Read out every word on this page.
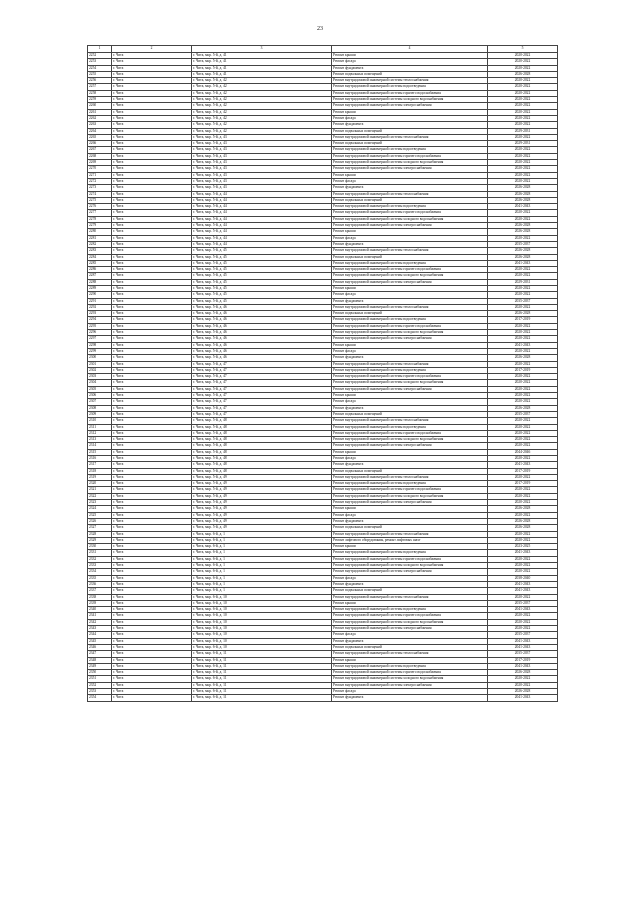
23
1	2	3	4	5
2252	г. Чита	г. Чита, мкр. 5-й, д. 41	Ремонт крыши	2020-2022
2253	г. Чита	г. Чита, мкр. 5-й, д. 41	Ремонт фасада	2020-2022
2254	г. Чита	г. Чита, мкр. 5-й, д. 41	Ремонт фундамента	2020-2022
2255	г. Чита	г. Чита, мкр. 5-й, д. 41	Ремонт подвальных помещений	2026-2028
2256	г. Чита	г. Чита, мкр. 5-й, д. 42	Ремонт внутридомовой инженерной системы теплоснабжения	2020-2022
2257	г. Чита	г. Чита, мкр. 5-й, д. 42	Ремонт внутридомовой инженерной системы водоотведения	2020-2022
2258	г. Чита	г. Чита, мкр. 5-й, д. 42	Ремонт внутридомовой инженерной системы горячего водоснабжения	2020-2022
2259	г. Чита	г. Чита, мкр. 5-й, д. 42	Ремонт внутридомовой инженерной системы холодного водоснабжения	2020-2022
2260	г. Чита	г. Чита, мкр. 5-й, д. 42	Ремонт внутридомовой инженерной системы электроснабжения	2020-2022
2261	г. Чита	г. Чита, мкр. 5-й, д. 42	Ремонт крыши	2020-2022
2262	г. Чита	г. Чита, мкр. 5-й, д. 42	Ремонт фасада	2020-2022
2263	г. Чита	г. Чита, мкр. 5-й, д. 42	Ремонт фундамента	2020-2022
2264	г. Чита	г. Чита, мкр. 5-й, д. 42	Ремонт подвальных помещений	2029-2031
2265	г. Чита	г. Чита, мкр. 5-й, д. 43	Ремонт внутридомовой инженерной системы теплоснабжения	2020-2022
2266	г. Чита	г. Чита, мкр. 5-й, д. 43	Ремонт подвальных помещений	2029-2031
2267	г. Чита	г. Чита, мкр. 5-й, д. 43	Ремонт внутридомовой инженерной системы водоотведения	2020-2022
2268	г. Чита	г. Чита, мкр. 5-й, д. 43	Ремонт внутридомовой инженерной системы горячего водоснабжения	2020-2022
2269	г. Чита	г. Чита, мкр. 5-й, д. 43	Ремонт внутридомовой инженерной системы холодного водоснабжения	2020-2022
2270	г. Чита	г. Чита, мкр. 5-й, д. 43	Ремонт внутридомовой инженерной системы электроснабжения	2020-2022
2271	г. Чита	г. Чита, мкр. 5-й, д. 43	Ремонт крыши	2020-2022
2272	г. Чита	г. Чита, мкр. 5-й, д. 43	Ремонт фасада	2020-2022
2273	г. Чита	г. Чита, мкр. 5-й, д. 43	Ремонт фундамента	2026-2028
2274	г. Чита	г. Чита, мкр. 5-й, д. 44	Ремонт внутридомовой инженерной системы теплоснабжения	2026-2028
2275	г. Чита	г. Чита, мкр. 5-й, д. 44	Ремонт подвальных помещений	2026-2028
2276	г. Чита	г. Чита, мкр. 5-й, д. 44	Ремонт внутридомовой инженерной системы водоотведения	2041-2043
2277	г. Чита	г. Чита, мкр. 5-й, д. 44	Ремонт внутридомовой инженерной системы горячего водоснабжения	2020-2022
2278	г. Чита	г. Чита, мкр. 5-й, д. 44	Ремонт внутридомовой инженерной системы холодного водоснабжения	2020-2022
2279	г. Чита	г. Чита, мкр. 5-й, д. 44	Ремонт внутридомовой инженерной системы электроснабжения	2026-2028
2280	г. Чита	г. Чита, мкр. 5-й, д. 44	Ремонт крыши	2026-2028
2281	г. Чита	г. Чита, мкр. 5-й, д. 44	Ремонт фасада	2020-2022
2282	г. Чита	г. Чита, мкр. 5-й, д. 44	Ремонт фундамента	2035-2037
2283	г. Чита	г. Чита, мкр. 5-й, д. 45	Ремонт внутридомовой инженерной системы теплоснабжения	2026-2028
2284	г. Чита	г. Чита, мкр. 5-й, д. 45	Ремонт подвальных помещений	2026-2028
2285	г. Чита	г. Чита, мкр. 5-й, д. 45	Ремонт внутридомовой инженерной системы водоотведения	2041-2043
2286	г. Чита	г. Чита, мкр. 5-й, д. 45	Ремонт внутридомовой инженерной системы горячего водоснабжения	2020-2022
2287	г. Чита	г. Чита, мкр. 5-й, д. 45	Ремонт внутридомовой инженерной системы холодного водоснабжения	2020-2022
2288	г. Чита	г. Чита, мкр. 5-й, д. 45	Ремонт внутридомовой инженерной системы электроснабжения	2029-2031
2289	г. Чита	г. Чита, мкр. 5-й, д. 45	Ремонт крыши	2020-2022
2290	г. Чита	г. Чита, мкр. 5-й, д. 45	Ремонт фасада	2020-2022
2291	г. Чита	г. Чита, мкр. 5-й, д. 45	Ремонт фундамента	2035-2037
2292	г. Чита	г. Чита, мкр. 5-й, д. 46	Ремонт внутридомовой инженерной системы теплоснабжения	2020-2022
2293	г. Чита	г. Чита, мкр. 5-й, д. 46	Ремонт подвальных помещений	2026-2028
2294	г. Чита	г. Чита, мкр. 5-й, д. 46	Ремонт внутридомовой инженерной системы водоотведения	2017-2019
2295	г. Чита	г. Чита, мкр. 5-й, д. 46	Ремонт внутридомовой инженерной системы горячего водоснабжения	2020-2022
2296	г. Чита	г. Чита, мкр. 5-й, д. 46	Ремонт внутридомовой инженерной системы холодного водоснабжения	2020-2022
2297	г. Чита	г. Чита, мкр. 5-й, д. 46	Ремонт внутридомовой инженерной системы электроснабжения	2020-2022
2298	г. Чита	г. Чита, мкр. 5-й, д. 46	Ремонт крыши	2041-2043
2299	г. Чита	г. Чита, мкр. 5-й, д. 46	Ремонт фасада	2020-2022
2300	г. Чита	г. Чита, мкр. 5-й, д. 46	Ремонт фундамента	2026-2028
2301	г. Чита	г. Чита, мкр. 5-й, д. 47	Ремонт внутридомовой инженерной системы теплоснабжения	2020-2022
2302	г. Чита	г. Чита, мкр. 5-й, д. 47	Ремонт внутридомовой инженерной системы водоотведения	2017-2019
2303	г. Чита	г. Чита, мкр. 5-й, д. 47	Ремонт внутридомовой инженерной системы горячего водоснабжения	2020-2022
2304	г. Чита	г. Чита, мкр. 5-й, д. 47	Ремонт внутридомовой инженерной системы холодного водоснабжения	2020-2022
2305	г. Чита	г. Чита, мкр. 5-й, д. 47	Ремонт внутридомовой инженерной системы электроснабжения	2020-2022
2306	г. Чита	г. Чита, мкр. 5-й, д. 47	Ремонт крыши	2020-2022
2307	г. Чита	г. Чита, мкр. 5-й, д. 47	Ремонт фасада	2020-2022
2308	г. Чита	г. Чита, мкр. 5-й, д. 47	Ремонт фундамента	2026-2028
2309	г. Чита	г. Чита, мкр. 5-й, д. 47	Ремонт подвальных помещений	2035-2037
2310	г. Чита	г. Чита, мкр. 5-й, д. 48	Ремонт внутридомовой инженерной системы теплоснабжения	2020-2022
2311	г. Чита	г. Чита, мкр. 5-й, д. 48	Ремонт внутридомовой инженерной системы водоотведения	2020-2022
2312	г. Чита	г. Чита, мкр. 5-й, д. 48	Ремонт внутридомовой инженерной системы горячего водоснабжения	2020-2022
2313	г. Чита	г. Чита, мкр. 5-й, д. 48	Ремонт внутридомовой инженерной системы холодного водоснабжения	2020-2022
2314	г. Чита	г. Чита, мкр. 5-й, д. 48	Ремонт внутридомовой инженерной системы электроснабжения	2020-2022
2315	г. Чита	г. Чита, мкр. 5-й, д. 48	Ремонт крыши	2044-2046
2316	г. Чита	г. Чита, мкр. 5-й, д. 48	Ремонт фасада	2020-2022
2317	г. Чита	г. Чита, мкр. 5-й, д. 48	Ремонт фундамента	2041-2043
2318	г. Чита	г. Чита, мкр. 5-й, д. 48	Ремонт подвальных помещений	2017-2019
2319	г. Чита	г. Чита, мкр. 5-й, д. 49	Ремонт внутридомовой инженерной системы теплоснабжения	2020-2022
2320	г. Чита	г. Чита, мкр. 5-й, д. 49	Ремонт внутридомовой инженерной системы водоотведения	2017-2019
2321	г. Чита	г. Чита, мкр. 5-й, д. 49	Ремонт внутридомовой инженерной системы горячего водоснабжения	2020-2022
2322	г. Чита	г. Чита, мкр. 5-й, д. 49	Ремонт внутридомовой инженерной системы холодного водоснабжения	2020-2022
2323	г. Чита	г. Чита, мкр. 5-й, д. 49	Ремонт внутридомовой инженерной системы электроснабжения	2020-2022
2324	г. Чита	г. Чита, мкр. 5-й, д. 49	Ремонт крыши	2026-2028
2325	г. Чита	г. Чита, мкр. 5-й, д. 49	Ремонт фасада	2020-2022
2326	г. Чита	г. Чита, мкр. 5-й, д. 49	Ремонт фундамента	2026-2028
2327	г. Чита	г. Чита, мкр. 5-й, д. 49	Ремонт подвальных помещений	2026-2028
2328	г. Чита	г. Чита, мкр. 6-й, д. 1	Ремонт внутридомовой инженерной системы теплоснабжения	2020-2022
2329	г. Чита	г. Чита, мкр. 6-й, д. 1	Ремонт лифтового оборудования, ремонт лифтовых шахт	2020-2022
2330	г. Чита	г. Чита, мкр. 6-й, д. 1	Ремонт крыши	2023-2025
2331	г. Чита	г. Чита, мкр. 6-й, д. 1	Ремонт внутридомовой инженерной системы водоотведения	2041-2043
2332	г. Чита	г. Чита, мкр. 6-й, д. 1	Ремонт внутридомовой инженерной системы горячего водоснабжения	2020-2022
2333	г. Чита	г. Чита, мкр. 6-й, д. 1	Ремонт внутридомовой инженерной системы холодного водоснабжения	2020-2022
2334	г. Чита	г. Чита, мкр. 6-й, д. 1	Ремонт внутридомовой инженерной системы электроснабжения	2020-2022
2335	г. Чита	г. Чита, мкр. 6-й, д. 1	Ремонт фасада	2038-2040
2336	г. Чита	г. Чита, мкр. 6-й, д. 1	Ремонт фундамента	2041-2043
2337	г. Чита	г. Чита, мкр. 6-й, д. 1	Ремонт подвальных помещений	2041-2043
2338	г. Чита	г. Чита, мкр. 6-й, д. 10	Ремонт внутридомовой инженерной системы теплоснабжения	2020-2022
2339	г. Чита	г. Чита, мкр. 6-й, д. 10	Ремонт крыши	2035-2037
2340	г. Чита	г. Чита, мкр. 6-й, д. 10	Ремонт внутридомовой инженерной системы водоотведения	2041-2043
2341	г. Чита	г. Чита, мкр. 6-й, д. 10	Ремонт внутридомовой инженерной системы горячего водоснабжения	2020-2022
2342	г. Чита	г. Чита, мкр. 6-й, д. 10	Ремонт внутридомовой инженерной системы холодного водоснабжения	2020-2022
2343	г. Чита	г. Чита, мкр. 6-й, д. 10	Ремонт внутридомовой инженерной системы электроснабжения	2020-2022
2344	г. Чита	г. Чита, мкр. 6-й, д. 10	Ремонт фасада	2035-2037
2345	г. Чита	г. Чита, мкр. 6-й, д. 10	Ремонт фундамента	2041-2043
2346	г. Чита	г. Чита, мкр. 6-й, д. 10	Ремонт подвальных помещений	2041-2043
2347	г. Чита	г. Чита, мкр. 6-й, д. 11	Ремонт внутридомовой инженерной системы теплоснабжения	2035-2037
2348	г. Чита	г. Чита, мкр. 6-й, д. 11	Ремонт крыши	2017-2019
2349	г. Чита	г. Чита, мкр. 6-й, д. 11	Ремонт внутридомовой инженерной системы водоотведения	2041-2043
2350	г. Чита	г. Чита, мкр. 6-й, д. 11	Ремонт внутридомовой инженерной системы горячего водоснабжения	2026-2028
2351	г. Чита	г. Чита, мкр. 6-й, д. 11	Ремонт внутридомовой инженерной системы холодного водоснабжения	2020-2022
2352	г. Чита	г. Чита, мкр. 6-й, д. 11	Ремонт внутридомовой инженерной системы электроснабжения	2020-2022
2353	г. Чита	г. Чита, мкр. 6-й, д. 11	Ремонт фасада	2026-2028
2354	г. Чита	г. Чита, мкр. 6-й, д. 11	Ремонт фундамента	2041-2043
